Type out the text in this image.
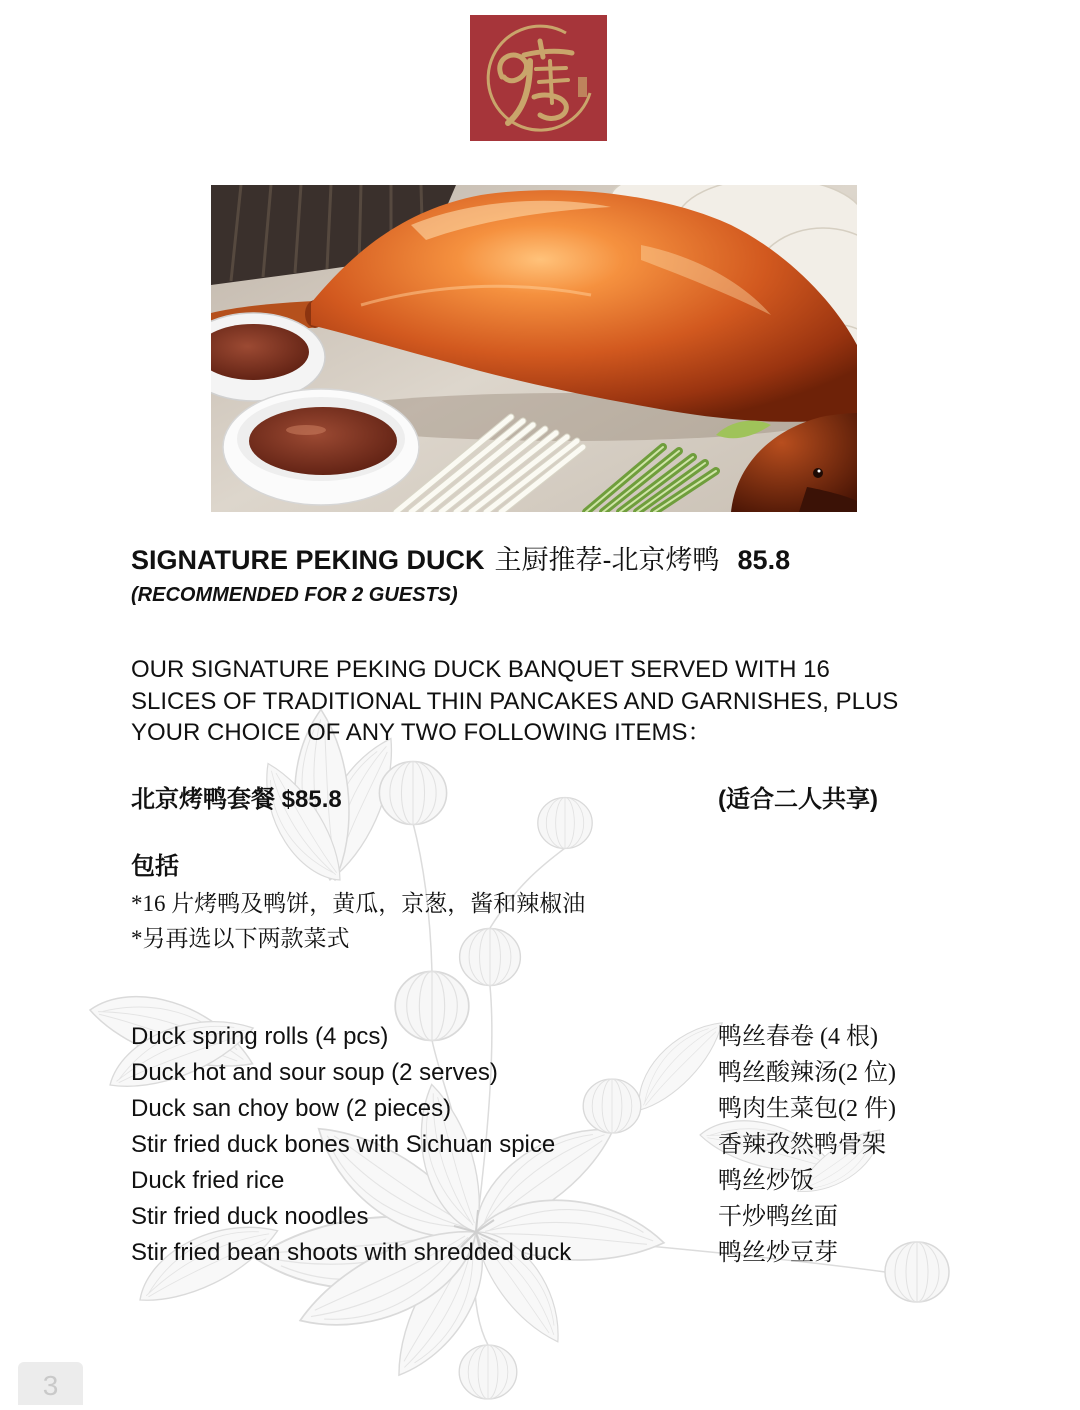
SIGNATURE PEKING DUCK 主厨推荐-北京烤鸭 85.8
(RECOMMENDED FOR 2 GUESTS)
OUR SIGNATURE PEKING DUCK BANQUET SERVED WITH 16
SLICES OF TRADITIONAL THIN PANCAKES AND GARNISHES, PLUS
YOUR CHOICE OF ANY TWO FOLLOWING ITEMS：
北京烤鸭套餐 $85.8	(适合二人共享)
包括
*16 片烤鸭及鸭饼，黄瓜，京葱，酱和辣椒油
*另再选以下两款菜式
Duck spring rolls (4 pcs)	鸭丝春卷 (4 根)
Duck hot and sour soup (2 serves)	鸭丝酸辣汤(2 位)
Duck san choy bow (2 pieces)	鸭肉生菜包(2 件)
Stir fried duck bones with Sichuan spice	香辣孜然鸭骨架
Duck fried rice	鸭丝炒饭
Stir fried duck noodles	干炒鸭丝面
Stir fried bean shoots with shredded duck	鸭丝炒豆芽
3
